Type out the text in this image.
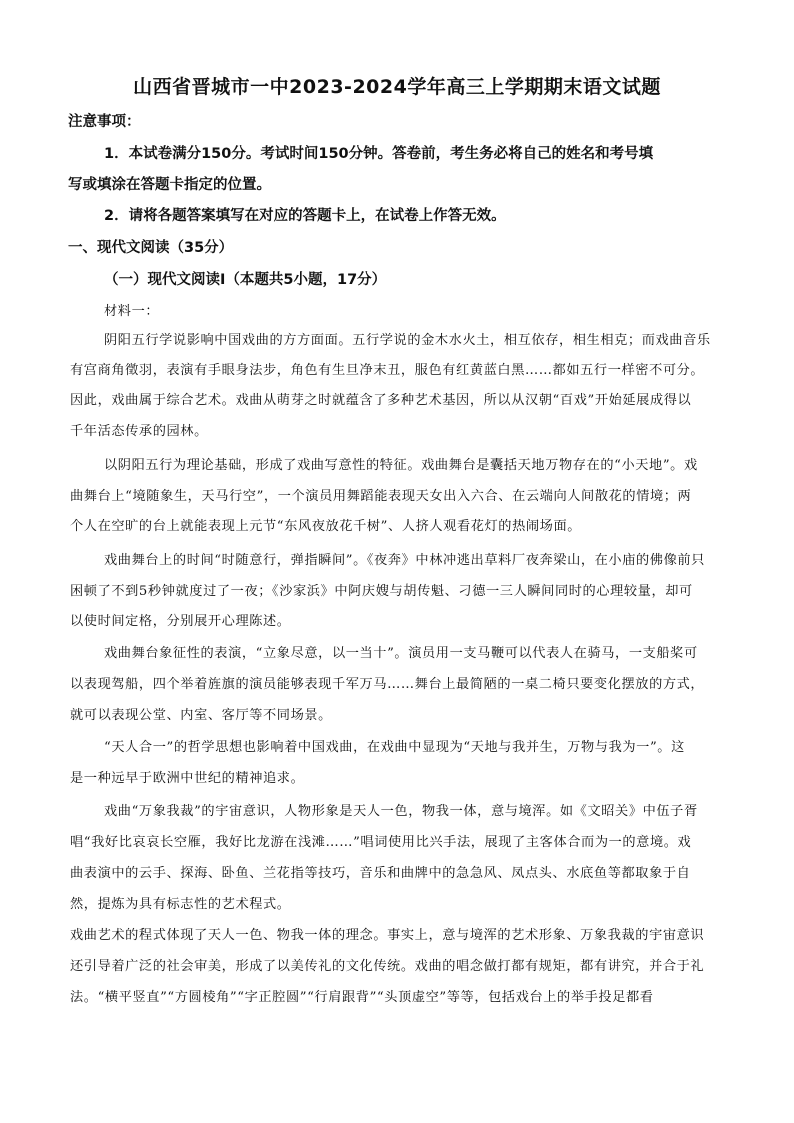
山西省晋城市一中2023-2024学年高三上学期期末语文试题
注意事项：
1．本试卷满分150分。考试时间150分钟。答卷前，考生务必将自己的姓名和考号填
写或填涂在答题卡指定的位置。
2．请将各题答案填写在对应的答题卡上，在试卷上作答无效。
一、现代文阅读（35分）
（一）现代文阅读Ⅰ（本题共5小题，17分）
材料一：
阴阳五行学说影响中国戏曲的方方面面。五行学说的金木水火土，相互依存，相生相克；而戏曲音乐
有宫商角徵羽，表演有手眼身法步，角色有生旦净末丑，服色有红黄蓝白黑……都如五行一样密不可分。
因此，戏曲属于综合艺术。戏曲从萌芽之时就蕴含了多种艺术基因，所以从汉朝“百戏”开始延展成得以
千年活态传承的园林。
以阴阳五行为理论基础，形成了戏曲写意性的特征。戏曲舞台是囊括天地万物存在的“小天地”。戏
曲舞台上“境随象生，天马行空”，一个演员用舞蹈能表现天女出入六合、在云端向人间散花的情境；两
个人在空旷的台上就能表现上元节“东风夜放花千树”、人挤人观看花灯的热闹场面。
戏曲舞台上的时间“时随意行，弹指瞬间”。《夜奔》中林冲逃出草料厂夜奔梁山，在小庙的佛像前只
困顿了不到5秒钟就度过了一夜；《沙家浜》中阿庆嫂与胡传魁、刁德一三人瞬间同时的心理较量，却可
以使时间定格，分别展开心理陈述。
戏曲舞台象征性的表演，“立象尽意，以一当十”。演员用一支马鞭可以代表人在骑马，一支船桨可
以表现驾船，四个举着旌旗的演员能够表现千军万马……舞台上最简陋的一桌二椅只要变化摆放的方式，
就可以表现公堂、内室、客厅等不同场景。
“天人合一”的哲学思想也影响着中国戏曲，在戏曲中显现为“天地与我并生，万物与我为一”。这
是一种远早于欧洲中世纪的精神追求。
戏曲“万象我裁”的宇宙意识，人物形象是天人一色，物我一体，意与境浑。如《文昭关》中伍子胥
唱“我好比哀哀长空雁，我好比龙游在浅滩……”唱词使用比兴手法，展现了主客体合而为一的意境。戏
曲表演中的云手、探海、卧鱼、兰花指等技巧，音乐和曲牌中的急急风、凤点头、水底鱼等都取象于自
然，提炼为具有标志性的艺术程式。
戏曲艺术的程式体现了天人一色、物我一体的理念。事实上，意与境浑的艺术形象、万象我裁的宇宙意识
还引导着广泛的社会审美，形成了以美传礼的文化传统。戏曲的唱念做打都有规矩，都有讲究，并合于礼
法。“横平竖直”“方圆棱角”“字正腔圆”“行肩跟背”“头顶虚空”等等，包括戏台上的举手投足都看
